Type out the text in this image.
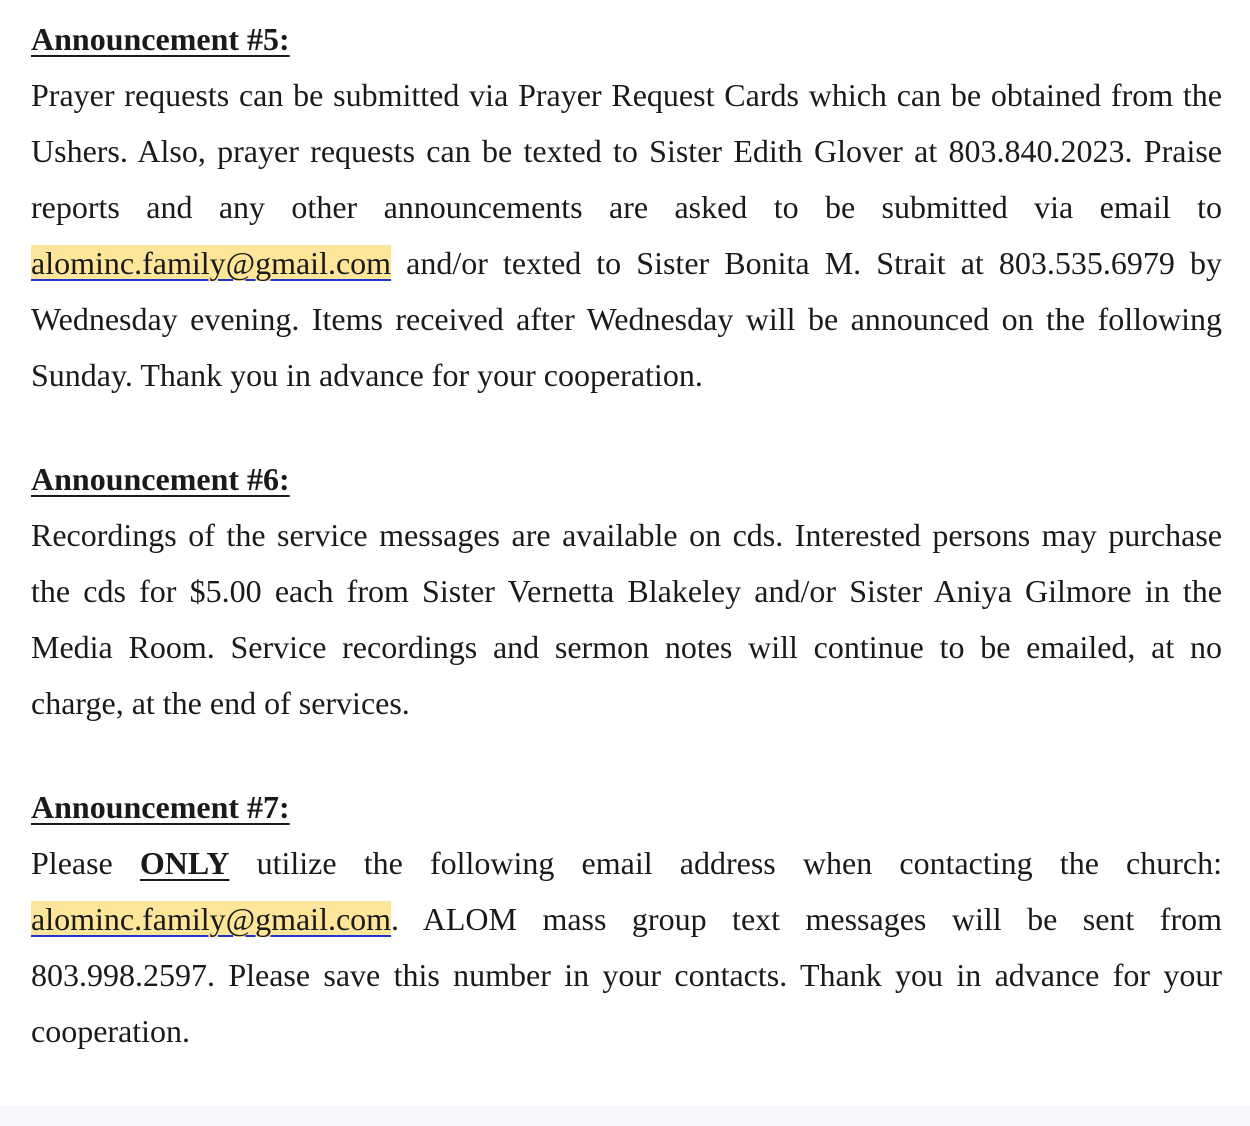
Announcement #5:

Prayer requests can be submitted via Prayer Request Cards which can be obtained from the Ushers. Also, prayer requests can be texted to Sister Edith Glover at 803.840.2023. Praise reports and any other announcements are asked to be submitted via email to alominc.family@gmail.com and/or texted to Sister Bonita M. Strait at 803.535.6979 by Wednesday evening. Items received after Wednesday will be announced on the following Sunday. Thank you in advance for your cooperation.

Announcement #6:

Recordings of the service messages are available on cds. Interested persons may purchase the cds for $5.00 each from Sister Vernetta Blakeley and/or Sister Aniya Gilmore in the Media Room. Service recordings and sermon notes will continue to be emailed, at no charge, at the end of services.

Announcement #7:

Please ONLY utilize the following email address when contacting the church: alominc.family@gmail.com. ALOM mass group text messages will be sent from 803.998.2597. Please save this number in your contacts. Thank you in advance for your cooperation.
